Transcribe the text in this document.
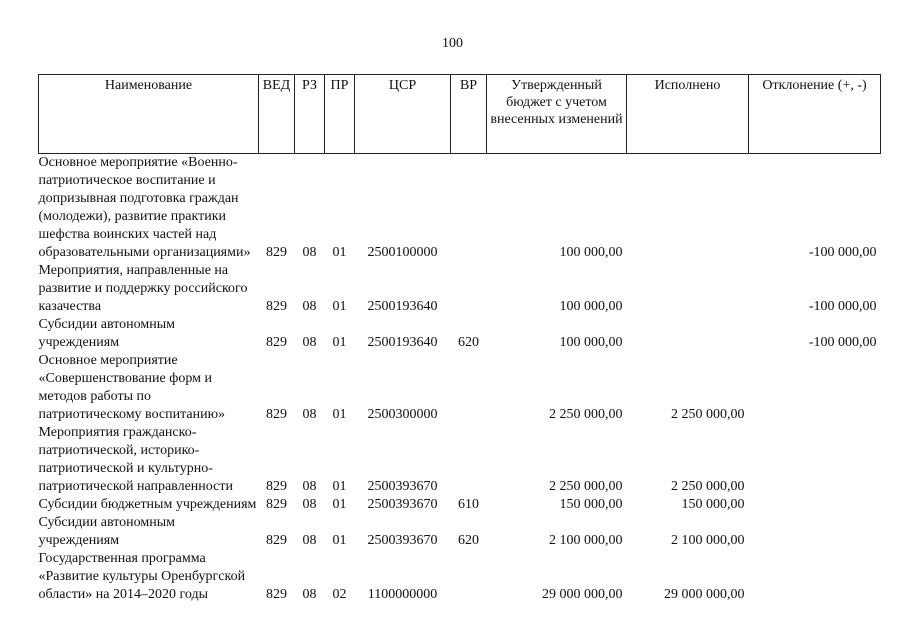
100
Наименование	ВЕД	РЗ	ПР	ЦСР	ВР	Утвержденный бюджет с учетом внесенных изменений	Исполнено	Отклонение (+, -)
Основное мероприятие «Военно-патриотическое воспитание и допризывная подготовка граждан (молодежи), развитие практики шефства воинских частей над образовательными организациями»	829	08	01	2500100000		100 000,00		-100 000,00
Мероприятия, направленные на развитие и поддержку российского казачества	829	08	01	2500193640		100 000,00		-100 000,00
Субсидии автономным учреждениям	829	08	01	2500193640	620	100 000,00		-100 000,00
Основное мероприятие «Совершенствование форм и методов работы по патриотическому воспитанию»	829	08	01	2500300000		2 250 000,00	2 250 000,00	
Мероприятия гражданско-патриотической, историко-патриотической и культурно-патриотической направленности	829	08	01	2500393670		2 250 000,00	2 250 000,00	
Субсидии бюджетным учреждениям	829	08	01	2500393670	610	150 000,00	150 000,00	
Субсидии автономным учреждениям	829	08	01	2500393670	620	2 100 000,00	2 100 000,00	
Государственная программа «Развитие культуры Оренбургской области» на 2014–2020 годы	829	08	02	1100000000		29 000 000,00	29 000 000,00	
